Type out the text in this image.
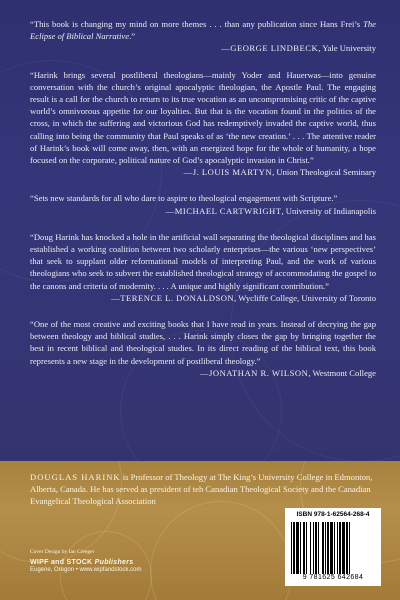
“This book is changing my mind on more themes . . . than any publication since Hans Frei’s The Eclipse of Biblical Narrative.”
—GEORGE LINDBECK, Yale University
“Harink brings several postliberal theologians—mainly Yoder and Hauerwas—into genuine conversation with the church’s original apocalyptic theologian, the Apostle Paul. The engaging result is a call for the church to return to its true vocation as an uncompromising critic of the captive world’s omnivorous appetite for our loyalties. But that is the vocation found in the politics of the cross, in which the suffering and victorious God has redemptively invaded the captive world, thus calling into being the community that Paul speaks of as ‘the new creation.’ . . . The attentive reader of Harink’s book will come away, then, with an energized hope for the whole of humanity, a hope focused on the corporate, political nature of God’s apocalyptic invasion in Christ.”
—J. LOUIS MARTYN, Union Theological Seminary
“Sets new standards for all who dare to aspire to theological engagement with Scripture.”
—MICHAEL CARTWRIGHT, University of Indianapolis
“Doug Harink has knocked a hole in the artificial wall separating the theological disciplines and has established a working coalition between two scholarly enterprises—the various ‘new perspectives’ that seek to supplant older reformational models of interpreting Paul, and the work of various theologians who seek to subvert the established theological strategy of accommodating the gospel to the canons and criteria of modernity. . . . A unique and highly significant contribution.”
—TERENCE L. DONALDSON, Wycliffe College, University of Toronto
“One of the most creative and exciting books that I have read in years. Instead of decrying the gap between theology and biblical studies, . . . Harink simply closes the gap by bringing together the best in recent biblical and theological studies. In its direct reading of the biblical text, this book represents a new stage in the development of postliberal theology.”
—JONATHAN R. WILSON, Westmont College
DOUGLAS HARINK is Professor of Theology at The King’s University College in Edmonton, Alberta, Canada. He has served as president of teh Canadian Theological Society and the Canadian Evangelical Theological Association
Cover Design by Ian Creeger
WIPF and STOCK Publishers
Eugene, Oregon • www.wipfandstock.com
ISBN 978-1-62564-268-4
9 781625 642684
